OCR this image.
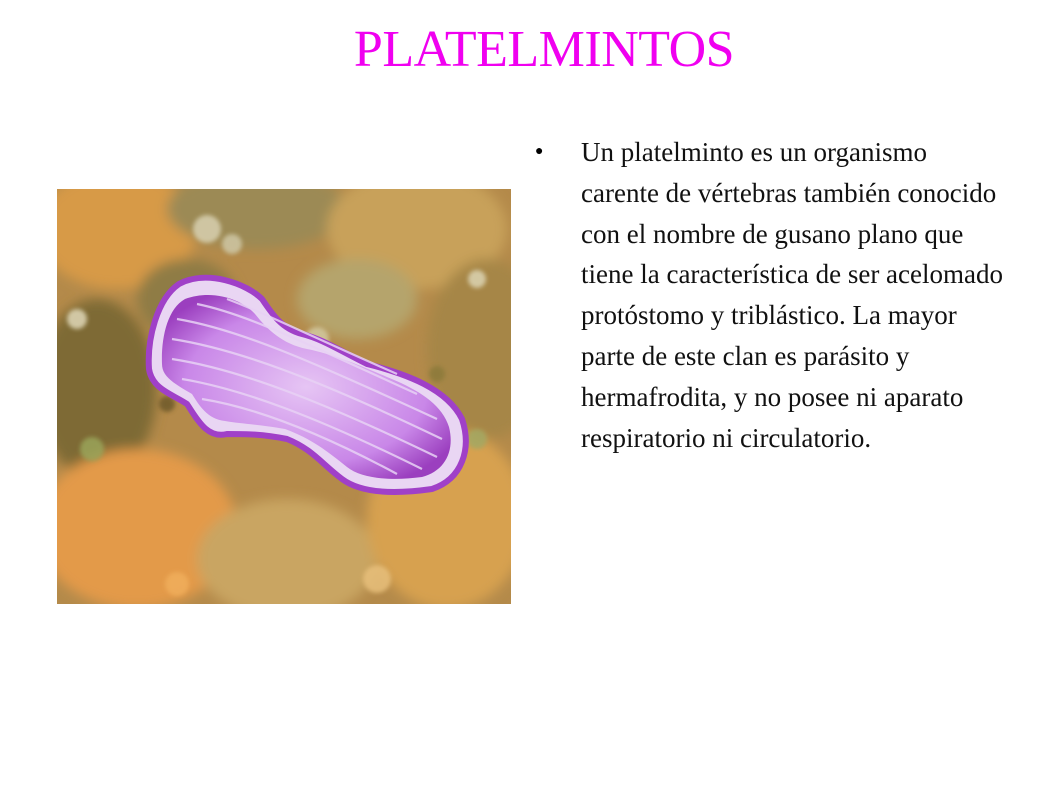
PLATELMINTOS
●	Un platelminto es un organismo carente de vértebras también conocido con el nombre de gusano plano que tiene la característica de ser acelomado protóstomo y triblástico. La mayor parte de este clan es parásito y hermafrodita, y no posee ni aparato respiratorio ni circulatorio.
